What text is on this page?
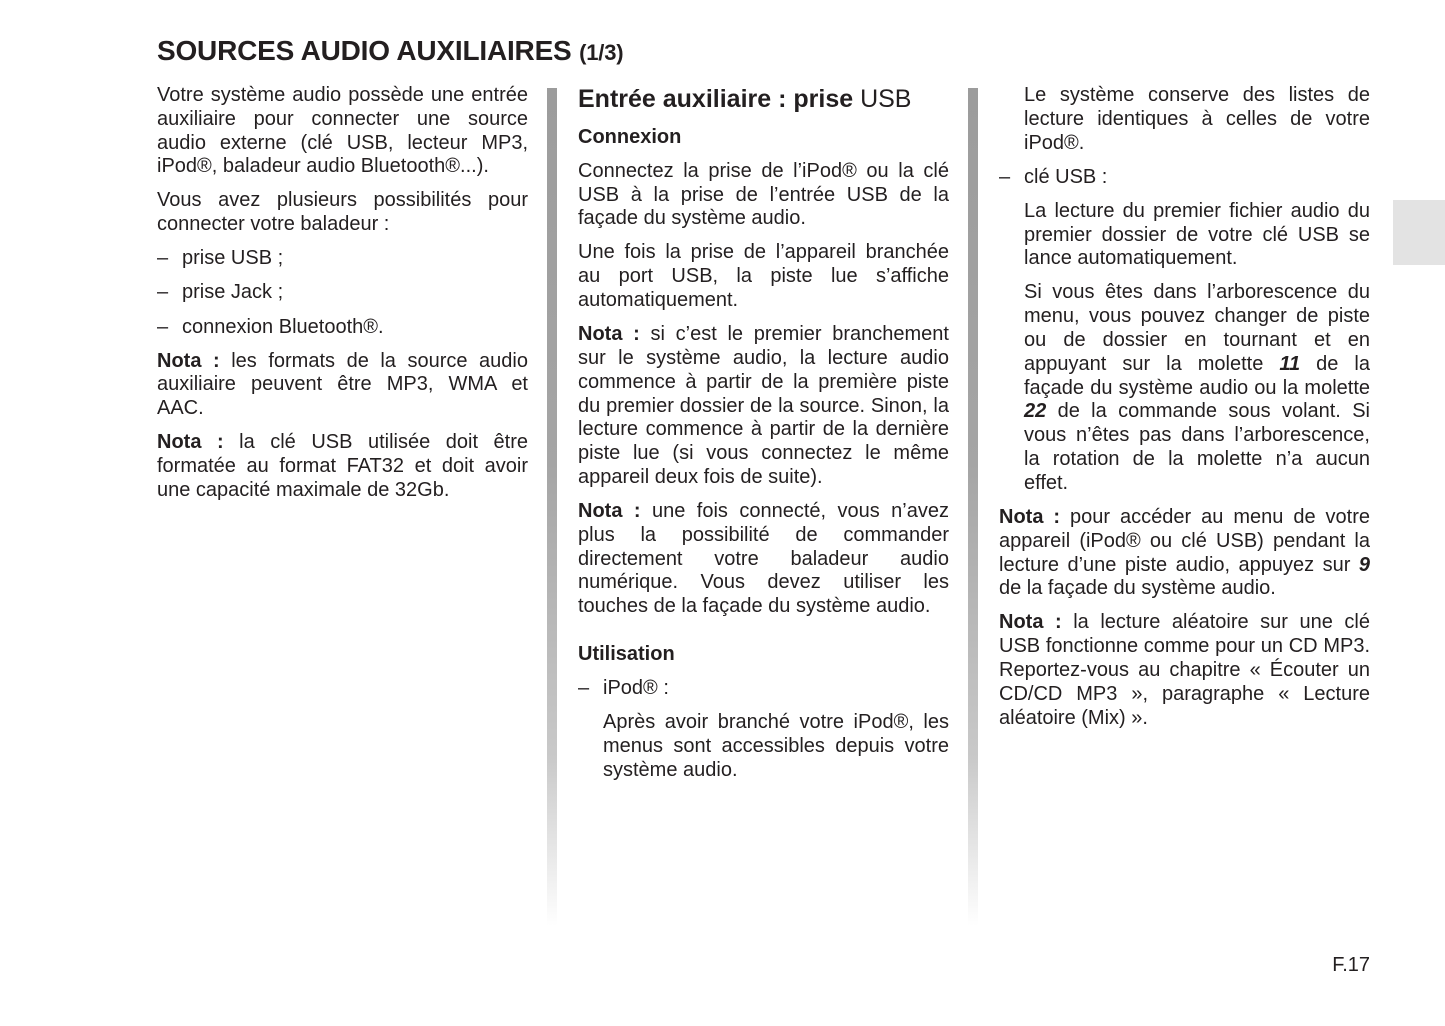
SOURCES AUDIO AUXILIAIRES (1/3)

Votre système audio possède une entrée auxiliaire pour connecter une source audio externe (clé USB, lecteur MP3, iPod®, baladeur audio Bluetooth®...).

Vous avez plusieurs possibilités pour connecter votre baladeur :

– prise USB ;

– prise Jack ;

– connexion Bluetooth®.

Nota : les formats de la source audio auxiliaire peuvent être MP3, WMA et AAC.

Nota : la clé USB utilisée doit être formatée au format FAT32 et doit avoir une capacité maximale de 32Gb.

Entrée auxiliaire : prise USB

Connexion

Connectez la prise de l’iPod® ou la clé USB à la prise de l’entrée USB de la façade du système audio.

Une fois la prise de l’appareil branchée au port USB, la piste lue s’affiche automatiquement.

Nota : si c’est le premier branchement sur le système audio, la lecture audio commence à partir de la première piste du premier dossier de la source. Sinon, la lecture commence à partir de la dernière piste lue (si vous connectez le même appareil deux fois de suite).

Nota : une fois connecté, vous n’avez plus la possibilité de commander directement votre baladeur audio numérique. Vous devez utiliser les touches de la façade du système audio.

Utilisation

– iPod® :

Après avoir branché votre iPod®, les menus sont accessibles depuis votre système audio.

Le système conserve des listes de lecture identiques à celles de votre iPod®.

– clé USB :

La lecture du premier fichier audio du premier dossier de votre clé USB se lance automatiquement.

Si vous êtes dans l’arborescence du menu, vous pouvez changer de piste ou de dossier en tournant et en appuyant sur la molette 11 de la façade du système audio ou la molette 22 de la commande sous volant. Si vous n’êtes pas dans l’arborescence, la rotation de la molette n’a aucun effet.

Nota : pour accéder au menu de votre appareil (iPod® ou clé USB) pendant la lecture d’une piste audio, appuyez sur 9 de la façade du système audio.

Nota : la lecture aléatoire sur une clé USB fonctionne comme pour un CD MP3. Reportez-vous au chapitre « Écouter un CD/CD MP3 », paragraphe « Lecture aléatoire (Mix) ».

F.17
